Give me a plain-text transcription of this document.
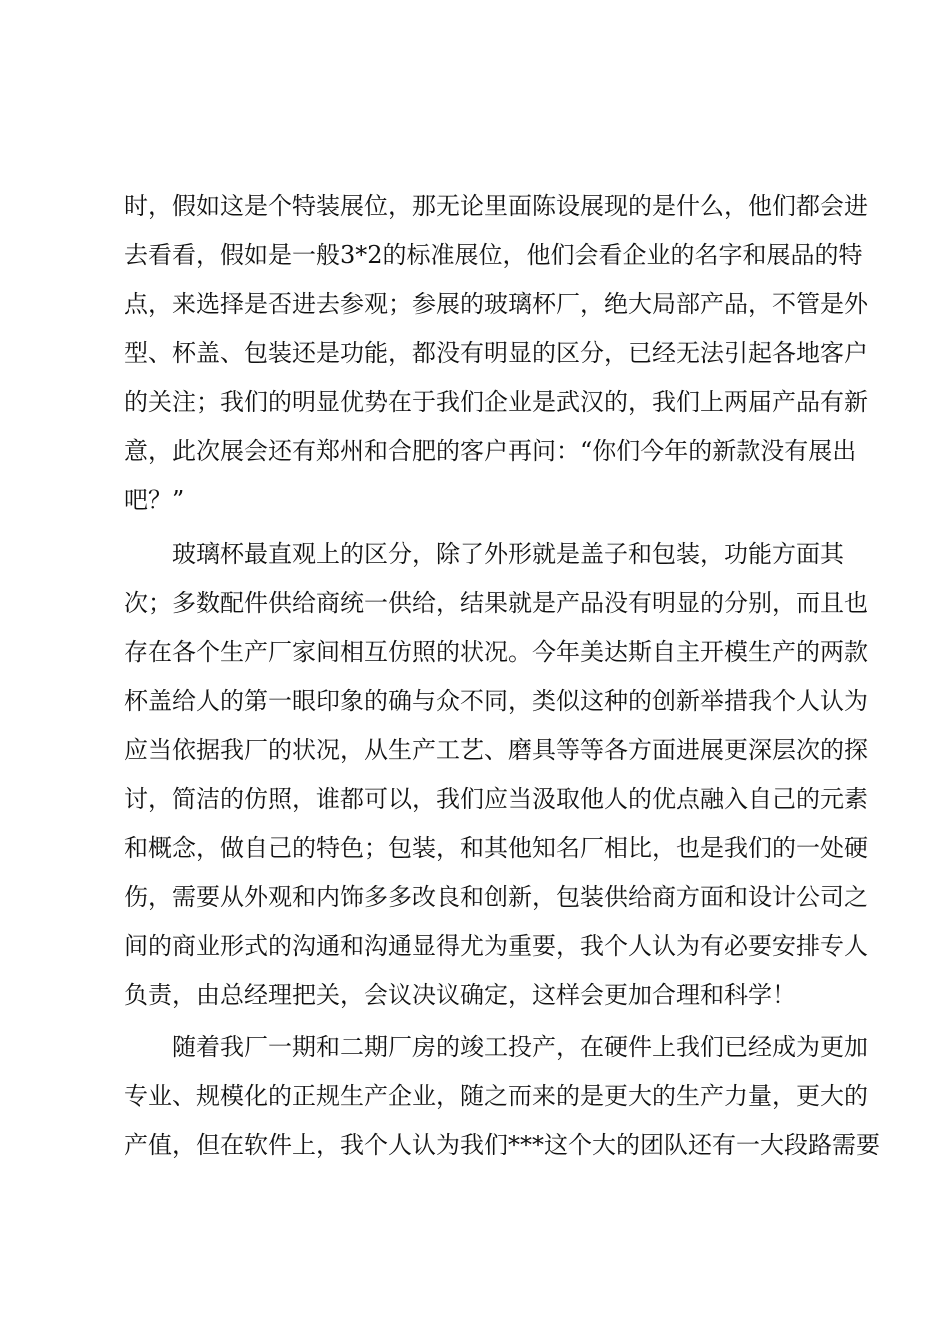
时，假如这是个特装展位，那无论里面陈设展现的是什么，他们都会进
去看看，假如是一般3*2的标准展位，他们会看企业的名字和展品的特
点，来选择是否进去参观；参展的玻璃杯厂，绝大局部产品，不管是外
型、杯盖、包装还是功能，都没有明显的区分，已经无法引起各地客户
的关注；我们的明显优势在于我们企业是武汉的，我们上两届产品有新
意，此次展会还有郑州和合肥的客户再问：“你们今年的新款没有展出
吧？”
玻璃杯最直观上的区分，除了外形就是盖子和包装，功能方面其
次；多数配件供给商统一供给，结果就是产品没有明显的分别，而且也
存在各个生产厂家间相互仿照的状况。今年美达斯自主开模生产的两款
杯盖给人的第一眼印象的确与众不同，类似这种的创新举措我个人认为
应当依据我厂的状况，从生产工艺、磨具等等各方面进展更深层次的探
讨，简洁的仿照，谁都可以，我们应当汲取他人的优点融入自己的元素
和概念，做自己的特色；包装，和其他知名厂相比，也是我们的一处硬
伤，需要从外观和内饰多多改良和创新，包装供给商方面和设计公司之
间的商业形式的沟通和沟通显得尤为重要，我个人认为有必要安排专人
负责，由总经理把关，会议决议确定，这样会更加合理和科学！
随着我厂一期和二期厂房的竣工投产，在硬件上我们已经成为更加
专业、规模化的正规生产企业，随之而来的是更大的生产力量，更大的
产值，但在软件上，我个人认为我们***这个大的团队还有一大段路需要
